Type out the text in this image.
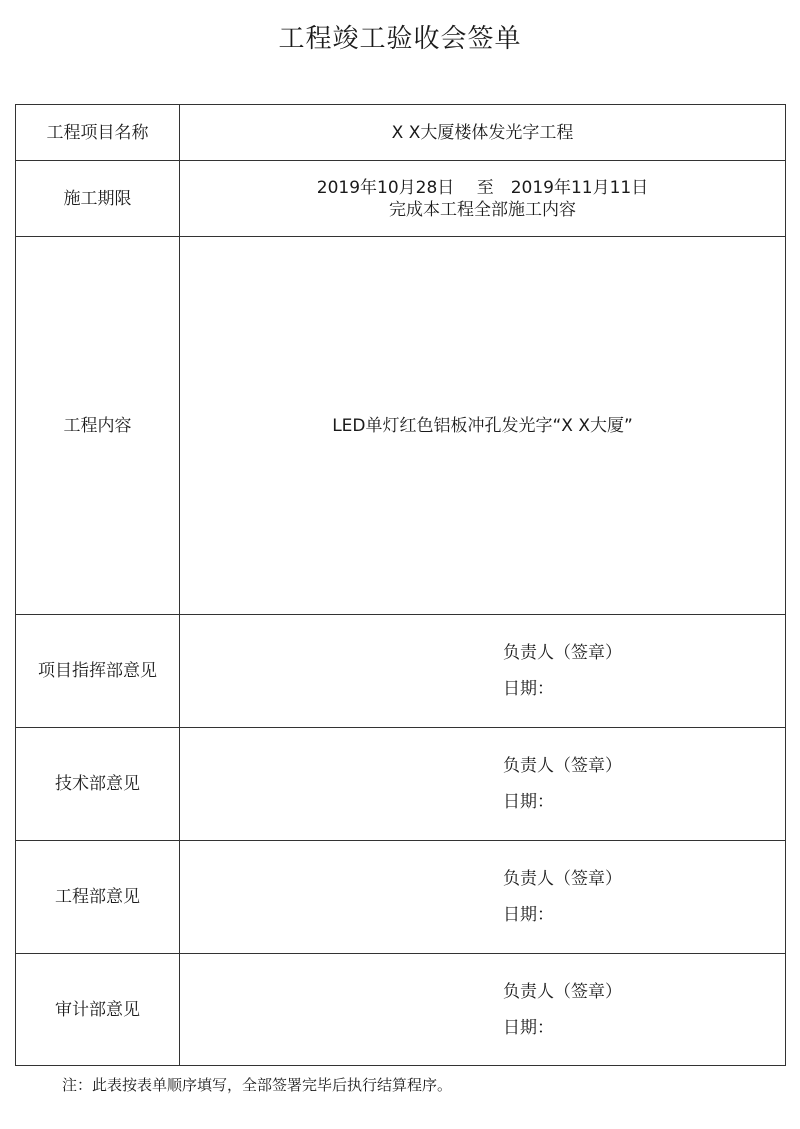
工程竣工验收会签单
工程项目名称	X X大厦楼体发光字工程
施工期限	2019年10月28日　 至　2019年11月11日
完成本工程全部施工内容

工程内容	LED单灯红色铝板冲孔发光字“X X大厦”
项目指挥部意见	负责人（签章）
日期：

技术部意见	负责人（签章）
日期：

工程部意见	负责人（签章）
日期：

审计部意见	负责人（签章）
日期：
注：此表按表单顺序填写，全部签署完毕后执行结算程序。
